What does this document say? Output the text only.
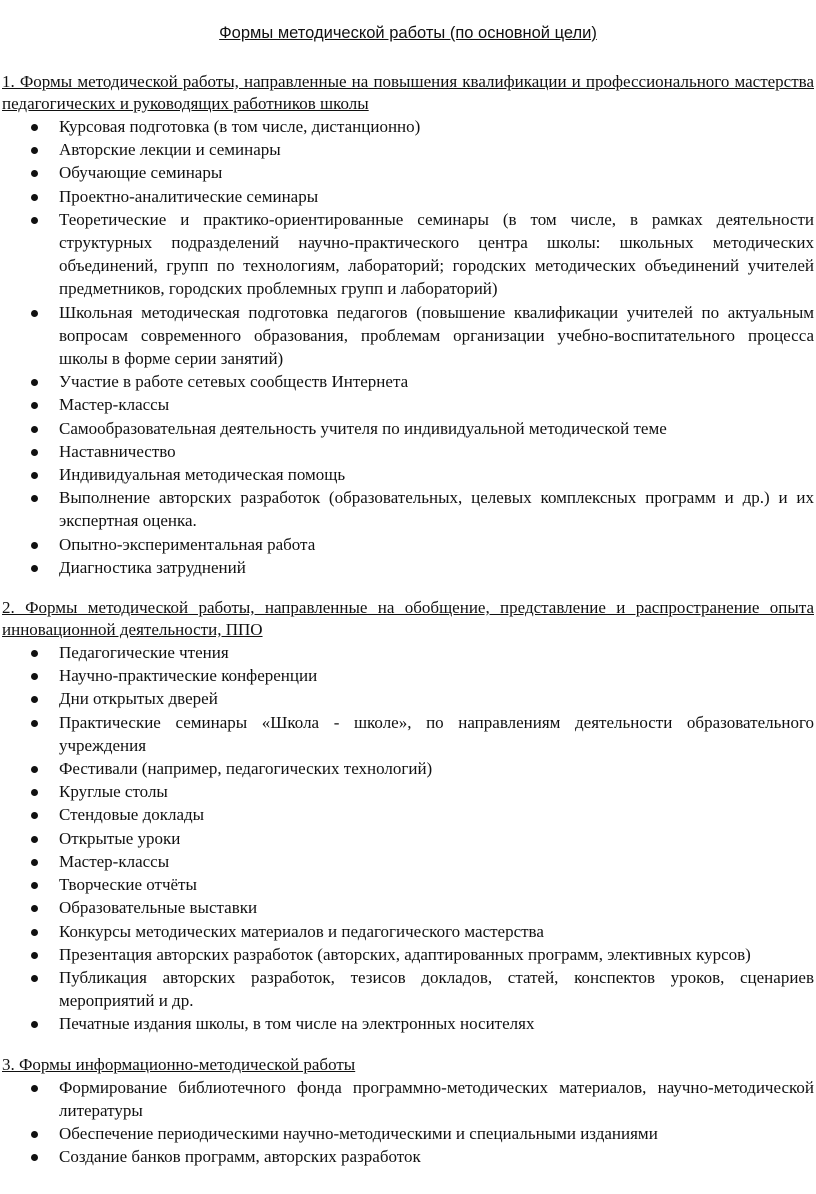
Формы методической работы (по основной цели)

1. Формы методической работы, направленные на повышения квалификации и профессионального мастерства педагогических и руководящих работников школы

Курсовая подготовка (в том числе, дистанционно)
Авторские лекции и семинары
Обучающие семинары
Проектно-аналитические семинары
Теоретические и практико-ориентированные семинары (в том числе, в рамках деятельности структурных подразделений научно-практического центра школы: школьных методических объединений, групп по технологиям, лабораторий; городских методических объединений учителей предметников, городских проблемных групп и лабораторий)
Школьная методическая подготовка педагогов (повышение квалификации учителей по актуальным вопросам современного образования, проблемам организации учебно-воспитательного процесса школы в форме серии занятий)
Участие в работе сетевых сообществ Интернета
Мастер-классы
Самообразовательная деятельность учителя по индивидуальной методической теме
Наставничество
Индивидуальная методическая помощь
Выполнение авторских разработок (образовательных, целевых комплексных программ и др.) и их экспертная оценка.
Опытно-экспериментальная работа
Диагностика затруднений

2. Формы методической работы, направленные на обобщение, представление и распространение опыта инновационной деятельности, ППО

Педагогические чтения
Научно-практические конференции
Дни открытых дверей
Практические семинары «Школа - школе», по направлениям деятельности образовательного учреждения
Фестивали (например, педагогических технологий)
Круглые столы
Стендовые доклады
Открытые уроки
Мастер-классы
Творческие отчёты
Образовательные выставки
Конкурсы методических материалов и педагогического мастерства
Презентация авторских разработок (авторских, адаптированных программ, элективных курсов)
Публикация авторских разработок, тезисов докладов, статей, конспектов уроков, сценариев мероприятий и др.
Печатные издания школы, в том числе на электронных носителях

3. Формы информационно-методической работы

Формирование библиотечного фонда программно-методических материалов, научно-методической литературы
Обеспечение периодическими научно-методическими и специальными изданиями
Создание банков программ, авторских разработок
